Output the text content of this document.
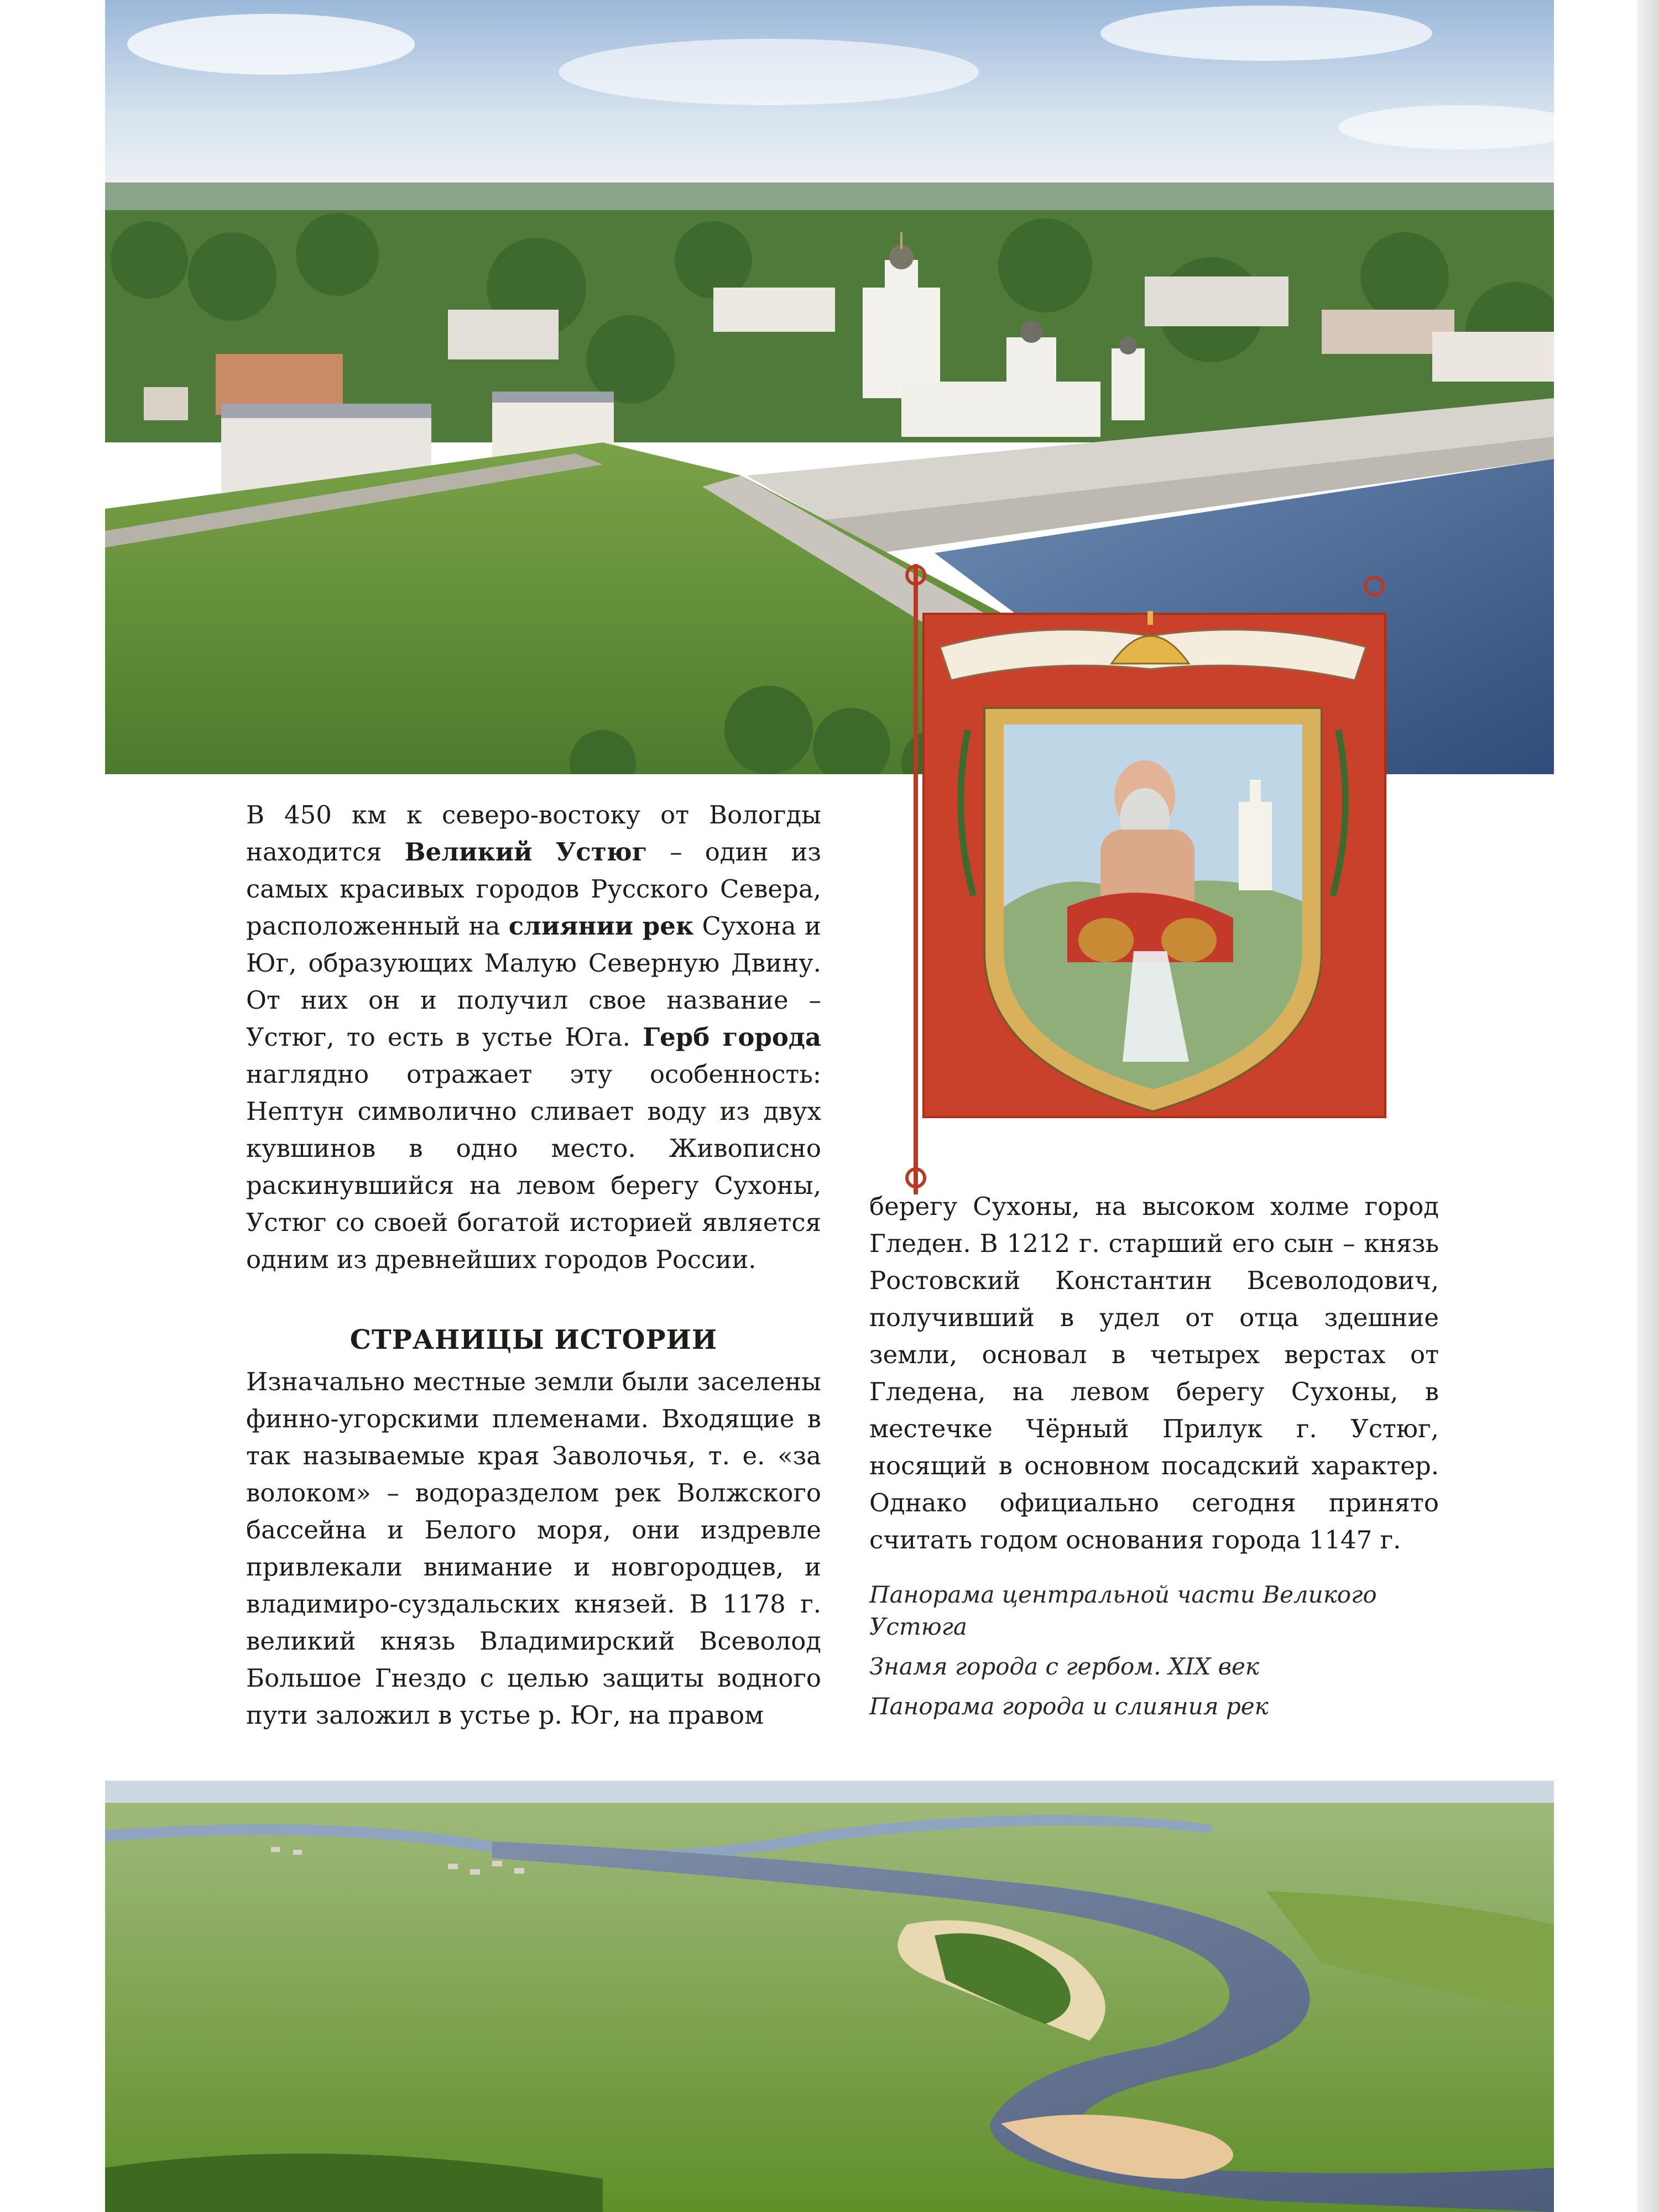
В 450 км к северо-востоку от Вологды находится Великий Устюг – один из самых красивых городов Русского Севера, расположенный на слиянии рек Сухона и Юг, образующих Малую Северную Двину. От них он и получил свое название – Устюг, то есть в устье Юга. Герб города наглядно отражает эту особенность: Нептун символично сливает воду из двух кувшинов в одно место. Живописно раскинувшийся на левом берегу Сухоны, Устюг со своей богатой историей является одним из древнейших городов России.

СТРАНИЦЫ ИСТОРИИ
Изначально местные земли были заселены финно-угорскими племенами. Входящие в так называемые края Заволочья, т. е. «за волоком» – водоразделом рек Волжского бассейна и Белого моря, они издревле привлекали внимание и новгородцев, и владимиро-суздальских князей. В 1178 г. великий князь Владимирский Всеволод Большое Гнездо с целью защиты водного пути заложил в устье р. Юг, на правом
берегу Сухоны, на высоком холме город Гледен. В 1212 г. старший его сын – князь Ростовский Константин Всеволодович, получивший в удел от отца здешние земли, основал в четырех верстах от Гледена, на левом берегу Сухоны, в местечке Чёрный Прилук г. Устюг, носящий в основном посадский характер. Однако официально сегодня принято считать годом основания города 1147 г.
Панорама центральной части Великого Устюга
Знамя города с гербом. XIX век
Панорама города и слияния рек
